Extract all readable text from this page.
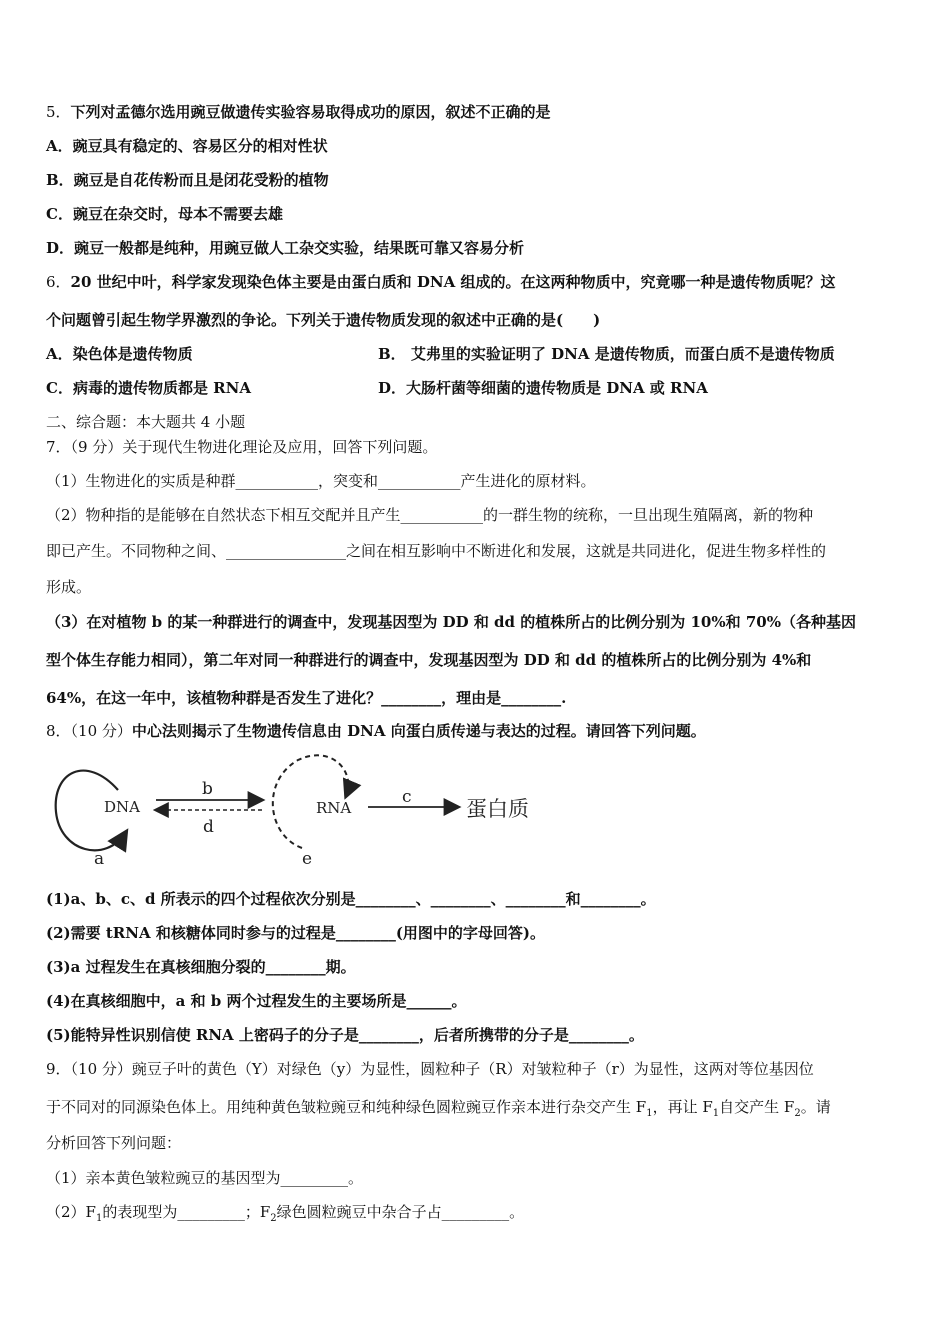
5．下列对孟德尔选用豌豆做遗传实验容易取得成功的原因，叙述不正确的是
A．豌豆具有稳定的、容易区分的相对性状
B．豌豆是自花传粉而且是闭花受粉的植物
C．豌豆在杂交时，母本不需要去雄
D．豌豆一般都是纯种，用豌豆做人工杂交实验，结果既可靠又容易分析
6．20 世纪中叶，科学家发现染色体主要是由蛋白质和 DNA 组成的。在这两种物质中，究竟哪一种是遗传物质呢？这
个问题曾引起生物学界激烈的争论。下列关于遗传物质发现的叙述中正确的是(　　)
A．染色体是遗传物质	B． 艾弗里的实验证明了 DNA 是遗传物质，而蛋白质不是遗传物质
C．病毒的遗传物质都是 RNA	D．大肠杆菌等细菌的遗传物质是 DNA 或 RNA
二、综合题：本大题共 4 小题
7．（9 分）关于现代生物进化理论及应用，回答下列问题。
（1）生物进化的实质是种群___________，突变和___________产生进化的原材料。
（2）物种指的是能够在自然状态下相互交配并且产生___________的一群生物的统称，一旦出现生殖隔离，新的物种
即已产生。不同物种之间、________________之间在相互影响中不断进化和发展，这就是共同进化，促进生物多样性的
形成。
（3）在对植物 b 的某一种群进行的调查中，发现基因型为 DD 和 dd 的植株所占的比例分别为 10%和 70%（各种基因
型个体生存能力相同），第二年对同一种群进行的调查中，发现基因型为 DD 和 dd 的植株所占的比例分别为 4%和
64%，在这一年中，该植物种群是否发生了进化？________，理由是________.
8．（10 分）中心法则揭示了生物遗传信息由 DNA 向蛋白质传递与表达的过程。请回答下列问题。
DNA	RNA	蛋白质
a
b	c
d
e
(1)a、b、c、d 所表示的四个过程依次分别是________、________、________和________。
(2)需要 tRNA 和核糖体同时参与的过程是________(用图中的字母回答)。
(3)a 过程发生在真核细胞分裂的________期。
(4)在真核细胞中，a 和 b 两个过程发生的主要场所是______。
(5)能特异性识别信使 RNA 上密码子的分子是________，后者所携带的分子是________。
9．（10 分）豌豆子叶的黄色（Y）对绿色（y）为显性，圆粒种子（R）对皱粒种子（r）为显性，这两对等位基因位
于不同对的同源染色体上。用纯种黄色皱粒豌豆和纯种绿色圆粒豌豆作亲本进行杂交产生 $F_1$，再让 $F_1$自交产生 $F_2$。请
分析回答下列问题：
（1）亲本黄色皱粒豌豆的基因型为_________。
$(2)F_1$的表现型为_________；$F_2$绿色圆粒豌豆中杂合子占_________。
